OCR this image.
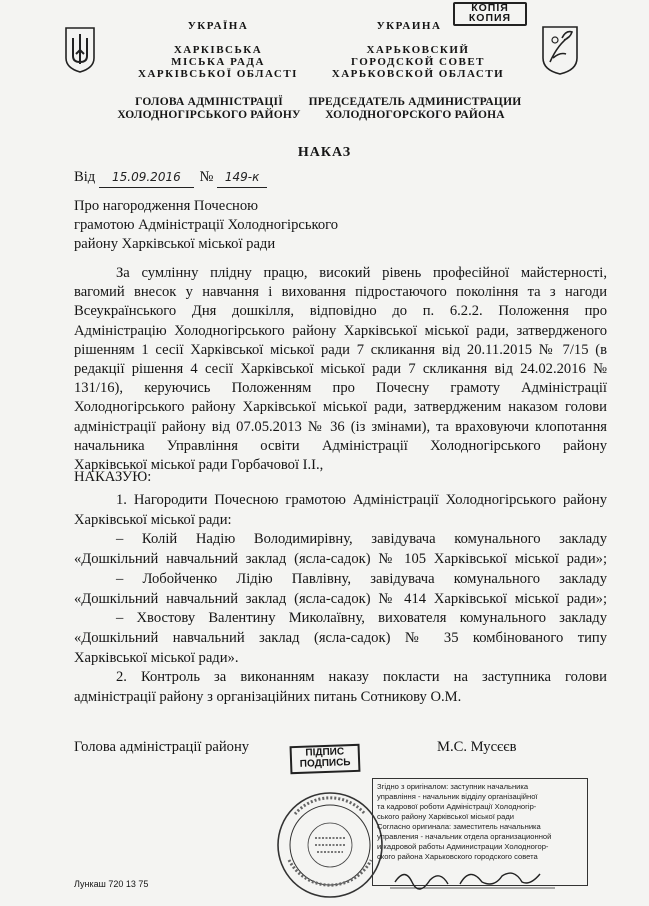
КОПІЯ
КОПИЯ
УКРАЇНА
ХАРКІВСЬКА
МІСЬКА РАДА
ХАРКІВСЬКОЇ ОБЛАСТІ
ГОЛОВА АДМІНІСТРАЦІЇ
ХОЛОДНОГІРСЬКОГО РАЙОНУ
УКРАИНА
ХАРЬКОВСКИЙ
ГОРОДСКОЙ СОВЕТ
ХАРЬКОВСКОЙ ОБЛАСТИ
ПРЕДСЕДАТЕЛЬ АДМИНИСТРАЦИИ
ХОЛОДНОГОРСКОГО РАЙОНА
НАКАЗ
Від 15.09.2016 № 149-к
Про нагородження Почесною
грамотою Адміністрації Холодногірського
району Харківської міської ради
За сумлінну плідну працю, високий рівень професійної майстерності,
вагомий внесок у навчання і виховання підростаючого покоління та з нагоди
Всеукраїнського Дня дошкілля, відповідно до п. 6.2.2. Положення про
Адміністрацію Холодногірського району Харківської міської ради, затвердженого
рішенням 1 сесії Харківської міської ради 7 скликання від 20.11.2015 № 7/15 (в
редакції рішення 4 сесії Харківської міської ради 7 скликання від 24.02.2016 №
131/16), керуючись Положенням про Почесну грамоту Адміністрації
Холодногірського району Харківської міської ради, затвердженим наказом голови
адміністрації району від 07.05.2013 № 36 (із змінами), та враховуючи клопотання
начальника Управління освіти Адміністрації Холодногірського району
Харківської міської ради Горбачової І.І.,
НАКАЗУЮ:
1. Нагородити Почесною грамотою Адміністрації Холодногірського району
Харківської міської ради:
– Колій Надію Володимирівну, завідувача комунального закладу
«Дошкільний навчальний заклад (ясла-садок) № 105 Харківської міської ради»;
– Лобойченко Лідію Павлівну, завідувача комунального закладу
«Дошкільний навчальний заклад (ясла-садок) № 414 Харківської міської ради»;
– Хвостову Валентину Миколаївну, вихователя комунального закладу
«Дошкільний навчальний заклад (ясла-садок) № 35 комбінованого типу
Харківської міської ради».
2. Контроль за виконанням наказу покласти на заступника голови
адміністрації району з організаційних питань Сотникову О.М.
Голова адміністрації району	ПІДПИС
ПОДПИСЬ
М.С. Мусєєв
Згідно з оригіналом: заступник начальника
управління - начальник відділу організаційної
та кадрової роботи Адміністрації Холодногір-
ського району Харківської міської ради
Согласно оригинала: заместитель начальника
управления - начальник отдела организационной
и кадровой работы Администрации Холодногор-
ского района Харьковского городского совета
Лункаш 720 13 75
